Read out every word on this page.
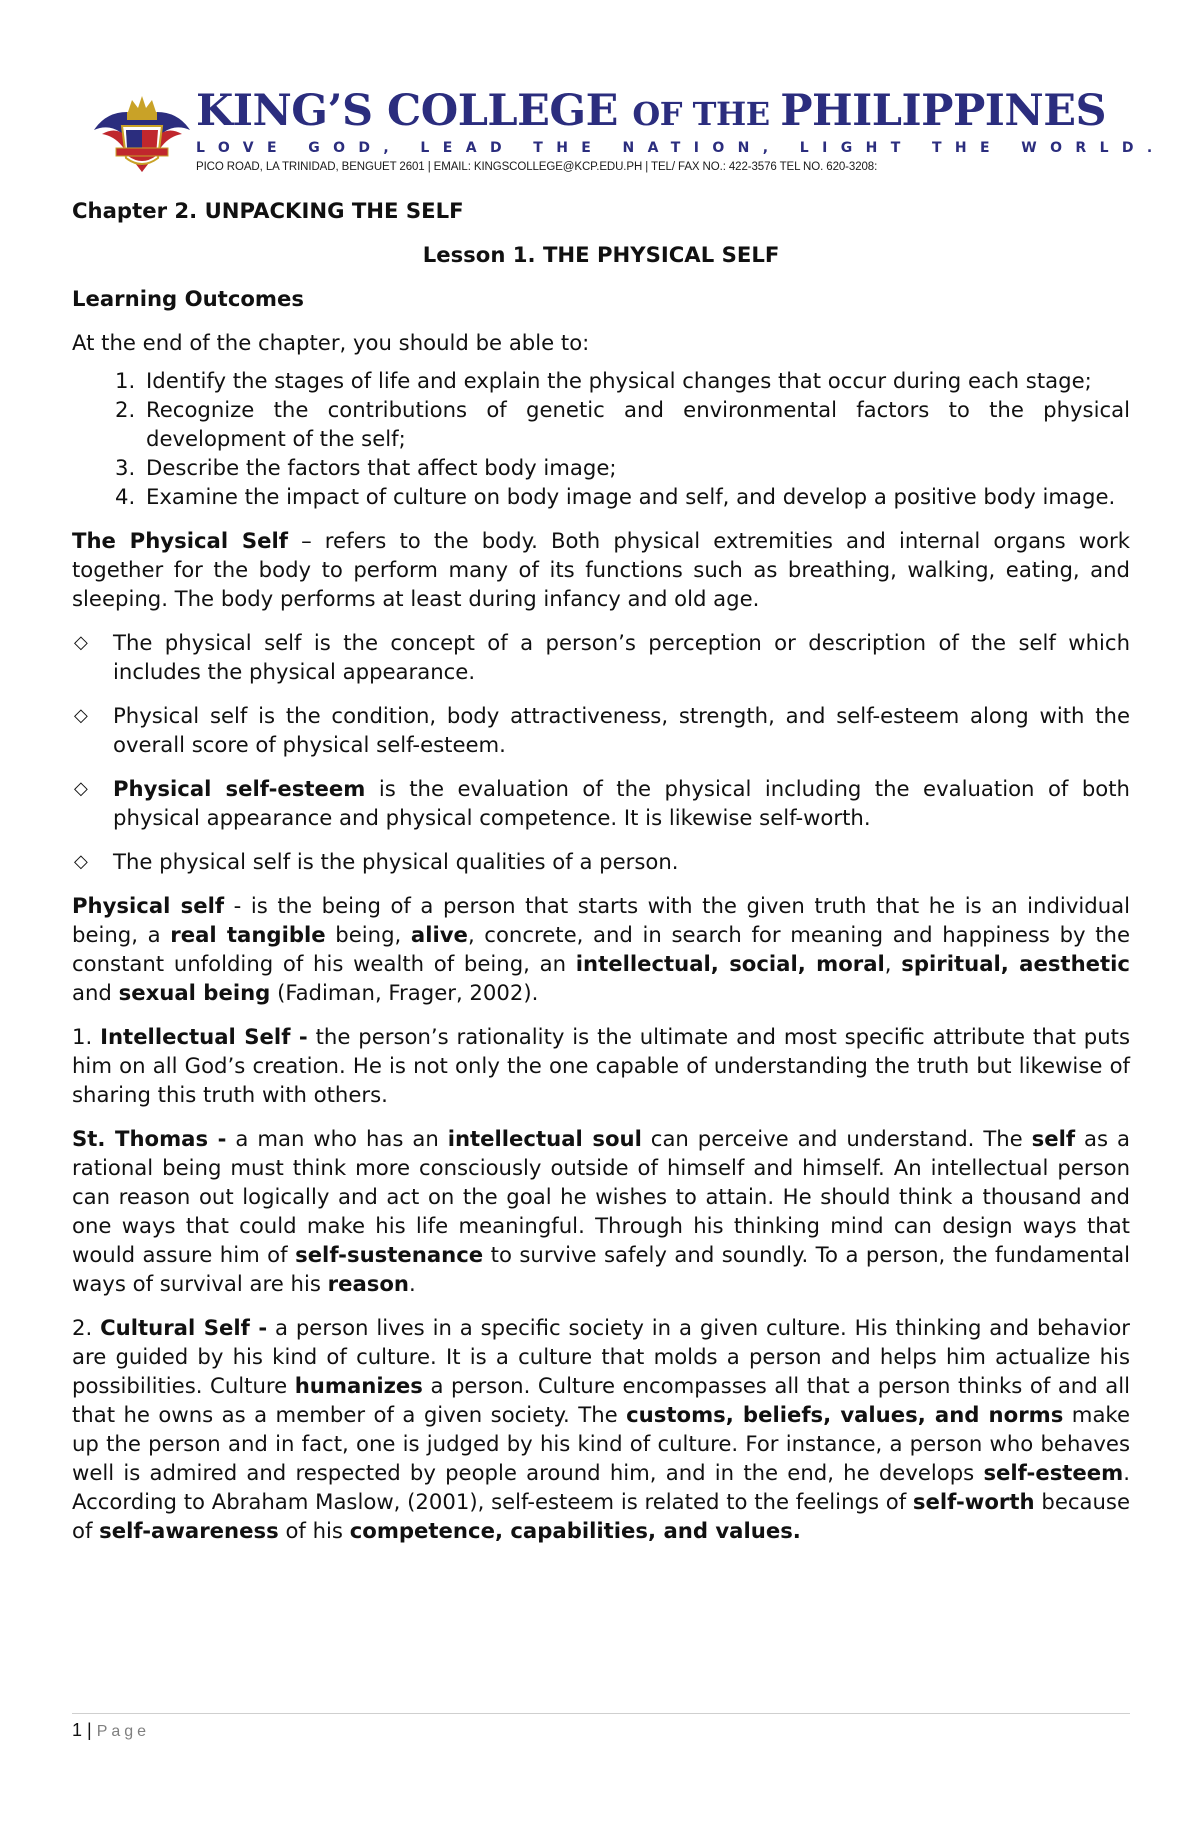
KING’S COLLEGE OF THE PHILIPPINES
LOVE GOD, LEAD THE NATION, LIGHT THE WORLD.
PICO ROAD, LA TRINIDAD, BENGUET 2601 | EMAIL: KINGSCOLLEGE@KCP.EDU.PH | TEL/ FAX NO.: 422-3576 TEL NO. 620-3208:

Chapter 2. UNPACKING THE SELF

Lesson 1. THE PHYSICAL SELF

Learning Outcomes

At the end of the chapter, you should be able to:

1. Identify the stages of life and explain the physical changes that occur during each stage;
2. Recognize the contributions of genetic and environmental factors to the physical development of the self;
3. Describe the factors that affect body image;
4. Examine the impact of culture on body image and self, and develop a positive body image.

The Physical Self – refers to the body. Both physical extremities and internal organs work together for the body to perform many of its functions such as breathing, walking, eating, and sleeping. The body performs at least during infancy and old age.

◇ The physical self is the concept of a person’s perception or description of the self which includes the physical appearance.
◇ Physical self is the condition, body attractiveness, strength, and self-esteem along with the overall score of physical self-esteem.
◇ Physical self-esteem is the evaluation of the physical including the evaluation of both physical appearance and physical competence. It is likewise self-worth.
◇ The physical self is the physical qualities of a person.

Physical self - is the being of a person that starts with the given truth that he is an individual being, a real tangible being, alive, concrete, and in search for meaning and happiness by the constant unfolding of his wealth of being, an intellectual, social, moral, spiritual, aesthetic and sexual being (Fadiman, Frager, 2002).

1. Intellectual Self - the person’s rationality is the ultimate and most specific attribute that puts him on all God’s creation. He is not only the one capable of understanding the truth but likewise of sharing this truth with others.

St. Thomas - a man who has an intellectual soul can perceive and understand. The self as a rational being must think more consciously outside of himself and himself. An intellectual person can reason out logically and act on the goal he wishes to attain. He should think a thousand and one ways that could make his life meaningful. Through his thinking mind can design ways that would assure him of self-sustenance to survive safely and soundly. To a person, the fundamental ways of survival are his reason.

2. Cultural Self - a person lives in a specific society in a given culture. His thinking and behavior are guided by his kind of culture. It is a culture that molds a person and helps him actualize his possibilities. Culture humanizes a person. Culture encompasses all that a person thinks of and all that he owns as a member of a given society. The customs, beliefs, values, and norms make up the person and in fact, one is judged by his kind of culture. For instance, a person who behaves well is admired and respected by people around him, and in the end, he develops self-esteem. According to Abraham Maslow, (2001), self-esteem is related to the feelings of self-worth because of self-awareness of his competence, capabilities, and values.

1 | Page
